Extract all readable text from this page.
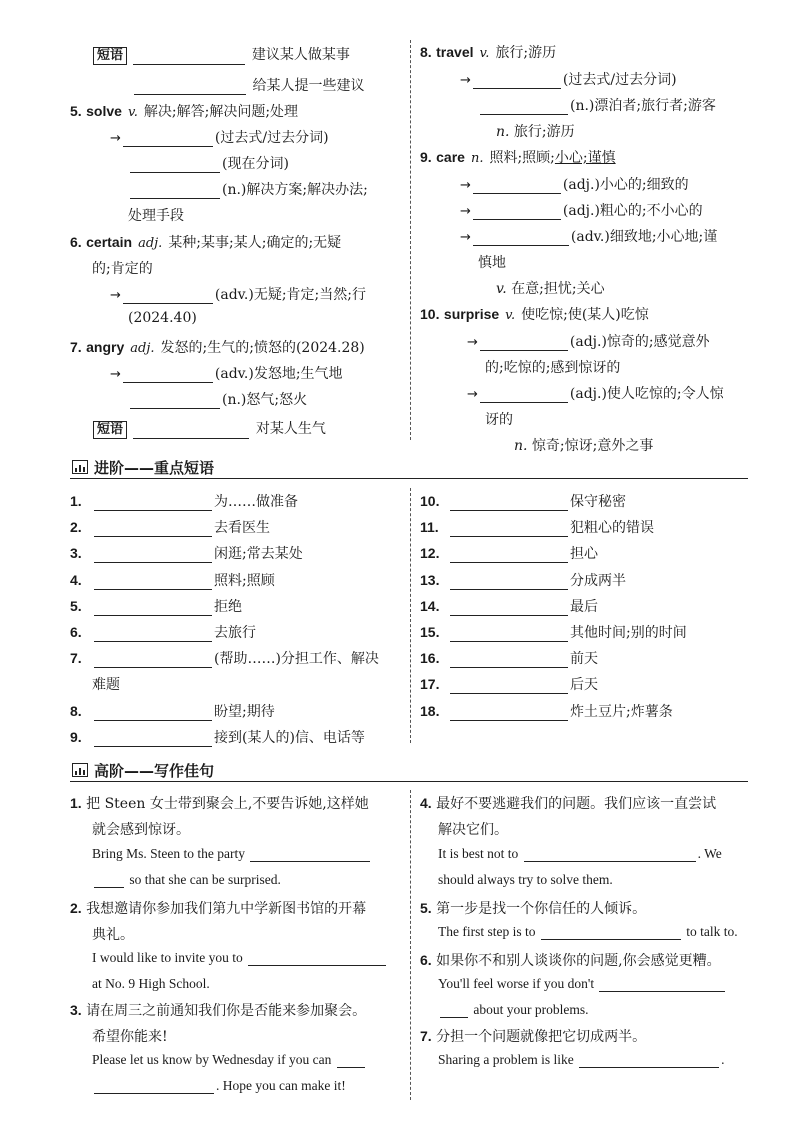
短语	建议某人做某事
给某人提一些建议
5. solve v. 解决;解答;解决问题;处理
→	(过去式/过去分词)
(现在分词)
(n.)解决方案;解决办法;
处理手段
6. certain adj. 某种;某事;某人;确定的;无疑
的;肯定的
→	(adv.)无疑;肯定;当然;行
(2024.40)
7. angry adj. 发怒的;生气的;愤怒的(2024.28)
→	(adv.)发怒地;生气地
(n.)怒气;怒火
短语	对某人生气
8. travel v. 旅行;游历
→	(过去式/过去分词)
(n.)漂泊者;旅行者;游客
n. 旅行;游历
9. care n. 照料;照顾;小心;谨慎
→	(adj.)小心的;细致的
→	(adj.)粗心的;不小心的
→	(adv.)细致地;小心地;谨
慎地
v. 在意;担忧;关心
10. surprise v. 使吃惊;使(某人)吃惊
→	(adj.)惊奇的;感觉意外
的;吃惊的;感到惊讶的
→	(adj.)使人吃惊的;令人惊
讶的
n. 惊奇;惊讶;意外之事
进阶——重点短语
1.	为……做准备
2.	去看医生
3.	闲逛;常去某处
4.	照料;照顾
5.	拒绝
6.	去旅行
7.	(帮助……)分担工作、解决
难题
8.	盼望;期待
9.	接到(某人的)信、电话等
10.	保守秘密
11.	犯粗心的错误
12.	担心
13.	分成两半
14.	最后
15.	其他时间;别的时间
16.	前天
17.	后天
18.	炸土豆片;炸薯条
高阶——写作佳句
1. 把 Steen 女士带到聚会上,不要告诉她,这样她
就会感到惊讶。
Bring Ms. Steen to the party
so that she can be surprised.
2. 我想邀请你参加我们第九中学新图书馆的开幕
典礼。
I would like to invite you to
at No. 9 High School.
3. 请在周三之前通知我们你是否能来参加聚会。
希望你能来!
Please let us know by Wednesday if you can
. Hope you can make it!
4. 最好不要逃避我们的问题。我们应该一直尝试
解决它们。
It is best not to	. We
should always try to solve them.
5. 第一步是找一个你信任的人倾诉。
The first step is to	to talk to.
6. 如果你不和别人谈谈你的问题,你会感觉更糟。
You'll feel worse if you don't
about your problems.
7. 分担一个问题就像把它切成两半。
Sharing a problem is like	.
